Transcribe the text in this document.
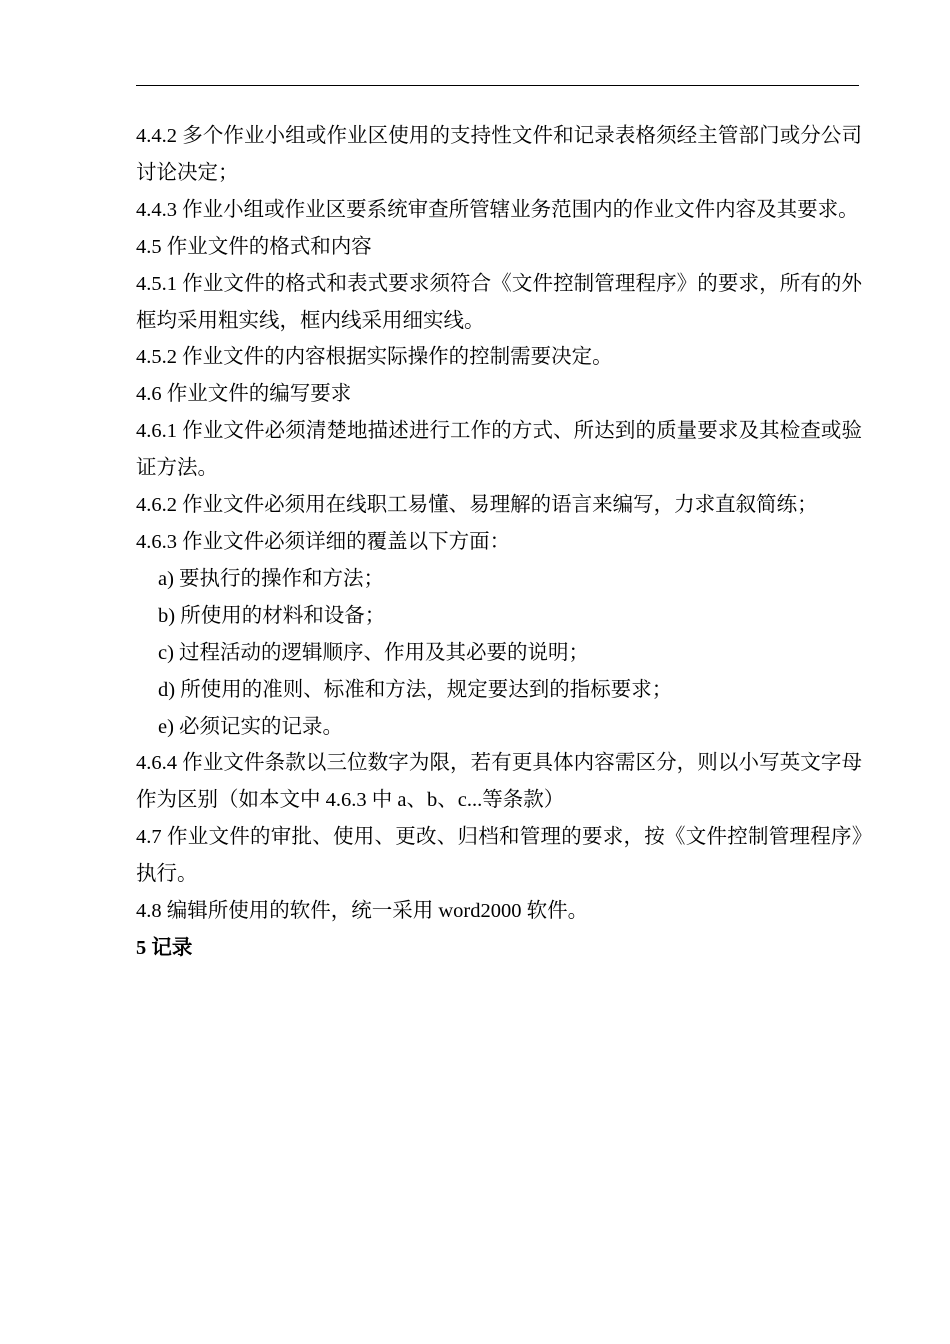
4.4.2 多个作业小组或作业区使用的支持性文件和记录表格须经主管部门或分公司讨论决定；

4.4.3 作业小组或作业区要系统审查所管辖业务范围内的作业文件内容及其要求。

4.5 作业文件的格式和内容

4.5.1 作业文件的格式和表式要求须符合《文件控制管理程序》的要求，所有的外框均采用粗实线，框内线采用细实线。

4.5.2 作业文件的内容根据实际操作的控制需要决定。

4.6 作业文件的编写要求

4.6.1 作业文件必须清楚地描述进行工作的方式、所达到的质量要求及其检查或验证方法。

4.6.2 作业文件必须用在线职工易懂、易理解的语言来编写，力求直叙简练；

4.6.3 作业文件必须详细的覆盖以下方面：

a) 要执行的操作和方法；

b) 所使用的材料和设备；

c) 过程活动的逻辑顺序、作用及其必要的说明；

d) 所使用的准则、标准和方法，规定要达到的指标要求；

e) 必须记实的记录。

4.6.4 作业文件条款以三位数字为限，若有更具体内容需区分，则以小写英文字母作为区别（如本文中 4.6.3 中 a、b、c...等条款）

4.7 作业文件的审批、使用、更改、归档和管理的要求，按《文件控制管理程序》执行。

4.8 编辑所使用的软件，统一采用 word2000 软件。

5 记录
